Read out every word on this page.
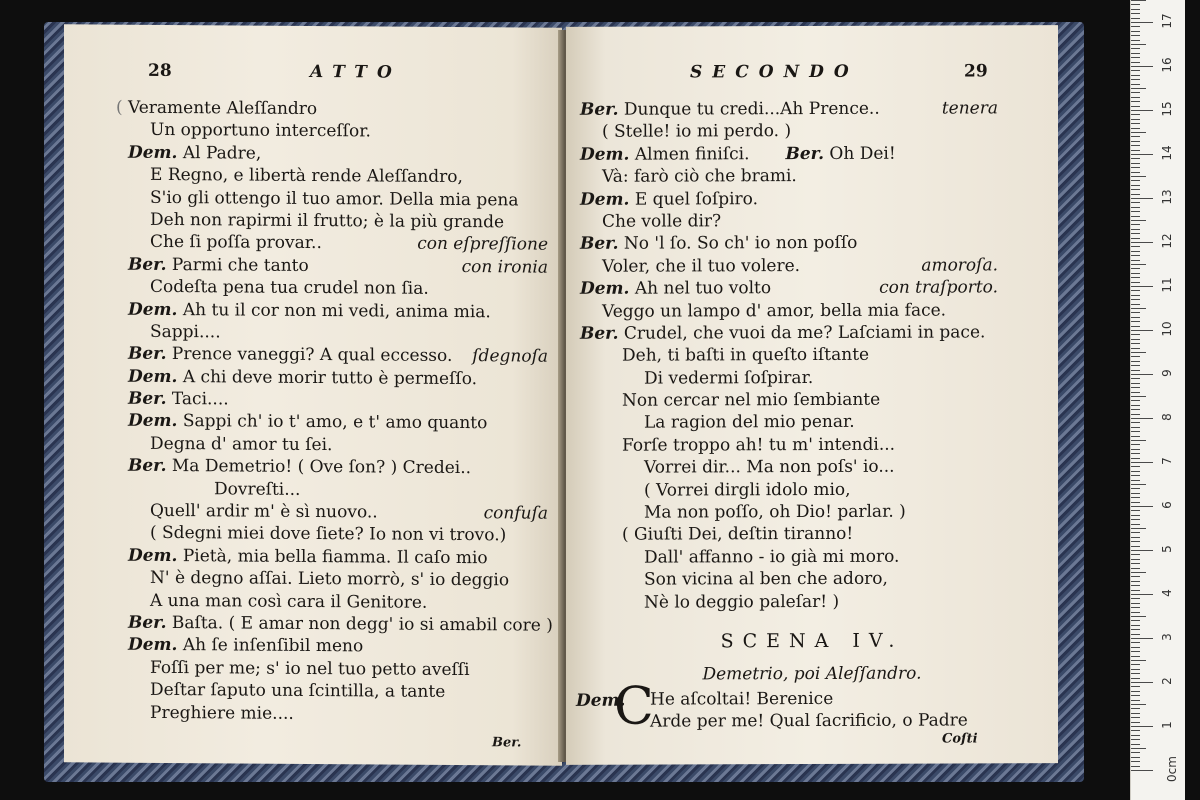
28	ATTO
( Veramente Aleſſandro
Un opportuno interceſſor.
Dem. Al Padre,
E Regno, e libertà rende Aleſſandro,
S'io gli ottengo il tuo amor. Della mia pena
Deh non rapirmi il frutto; è la più grande
Che ſi poſſa provar..	con eſpreſſione
Ber. Parmi che tanto	con ironia
Codeſta pena tua crudel non ſia.
Dem. Ah tu il cor non mi vedi, anima mia.
Sappi....
Ber. Prence vaneggi? A qual eccesso. ſdegnoſa
Dem. A chi deve morir tutto è permeſſo.
Ber. Taci....
Dem. Sappi ch' io t' amo, e t' amo quanto
Degna d' amor tu ſei.
Ber. Ma Demetrio! ( Ove ſon? ) Credei..
Dovreſti...
Quell' ardir m' è sì nuovo..	confuſa
( Sdegni miei dove ſiete? Io non vi trovo.)
Dem. Pietà, mia bella fiamma. Il caſo mio
N' è degno aſſai. Lieto morrò, s' io deggio
A una man così cara il Genitore.
Ber. Baſta. ( E amar non degg' io si amabil core )
Dem. Ah ſe inſenſibil meno
Foſſi per me; s' io nel tuo petto aveſſi
Deſtar ſaputo una ſcintilla, a tante
Preghiere mie....
Ber.
SECONDO	29
Ber. Dunque tu credi...Ah Prence..	tenera
( Stelle! io mi perdo. )
Dem. Almen finiſci. Ber. Oh Dei!
Và: farò ciò che brami.
Dem. E quel ſoſpiro.
Che volle dir?
Ber. No 'l ſo. So ch' io non poſſo
Voler, che il tuo volere.	amoroſa.
Dem. Ah nel tuo volto	con traſporto.
Veggo un lampo d' amor, bella mia face.
Ber. Crudel, che vuoi da me? Laſciami in pace.
Deh, ti baſti in queſto iſtante
Di vedermi ſoſpirar.
Non cercar nel mio ſembiante
La ragion del mio penar.
Forſe troppo ah! tu m' intendi...
Vorrei dir... Ma non poſs' io...
( Vorrei dirgli idolo mio,
Ma non poſſo, oh Dio! parlar. )
( Giuſti Dei, deſtin tiranno!
Dall' affanno - io già mi moro.
Son vicina al ben che adoro,
Nè lo deggio paleſar! )
SCENA IV.
Demetrio, poi Aleſſandro.
Dem.
C
He aſcoltai! Berenice
Arde per me! Qual ſacrificio, o Padre
Coſti
0cm
1
2
3
4
5
6
7
8
9
10
11
12
13
14
15
16
17
